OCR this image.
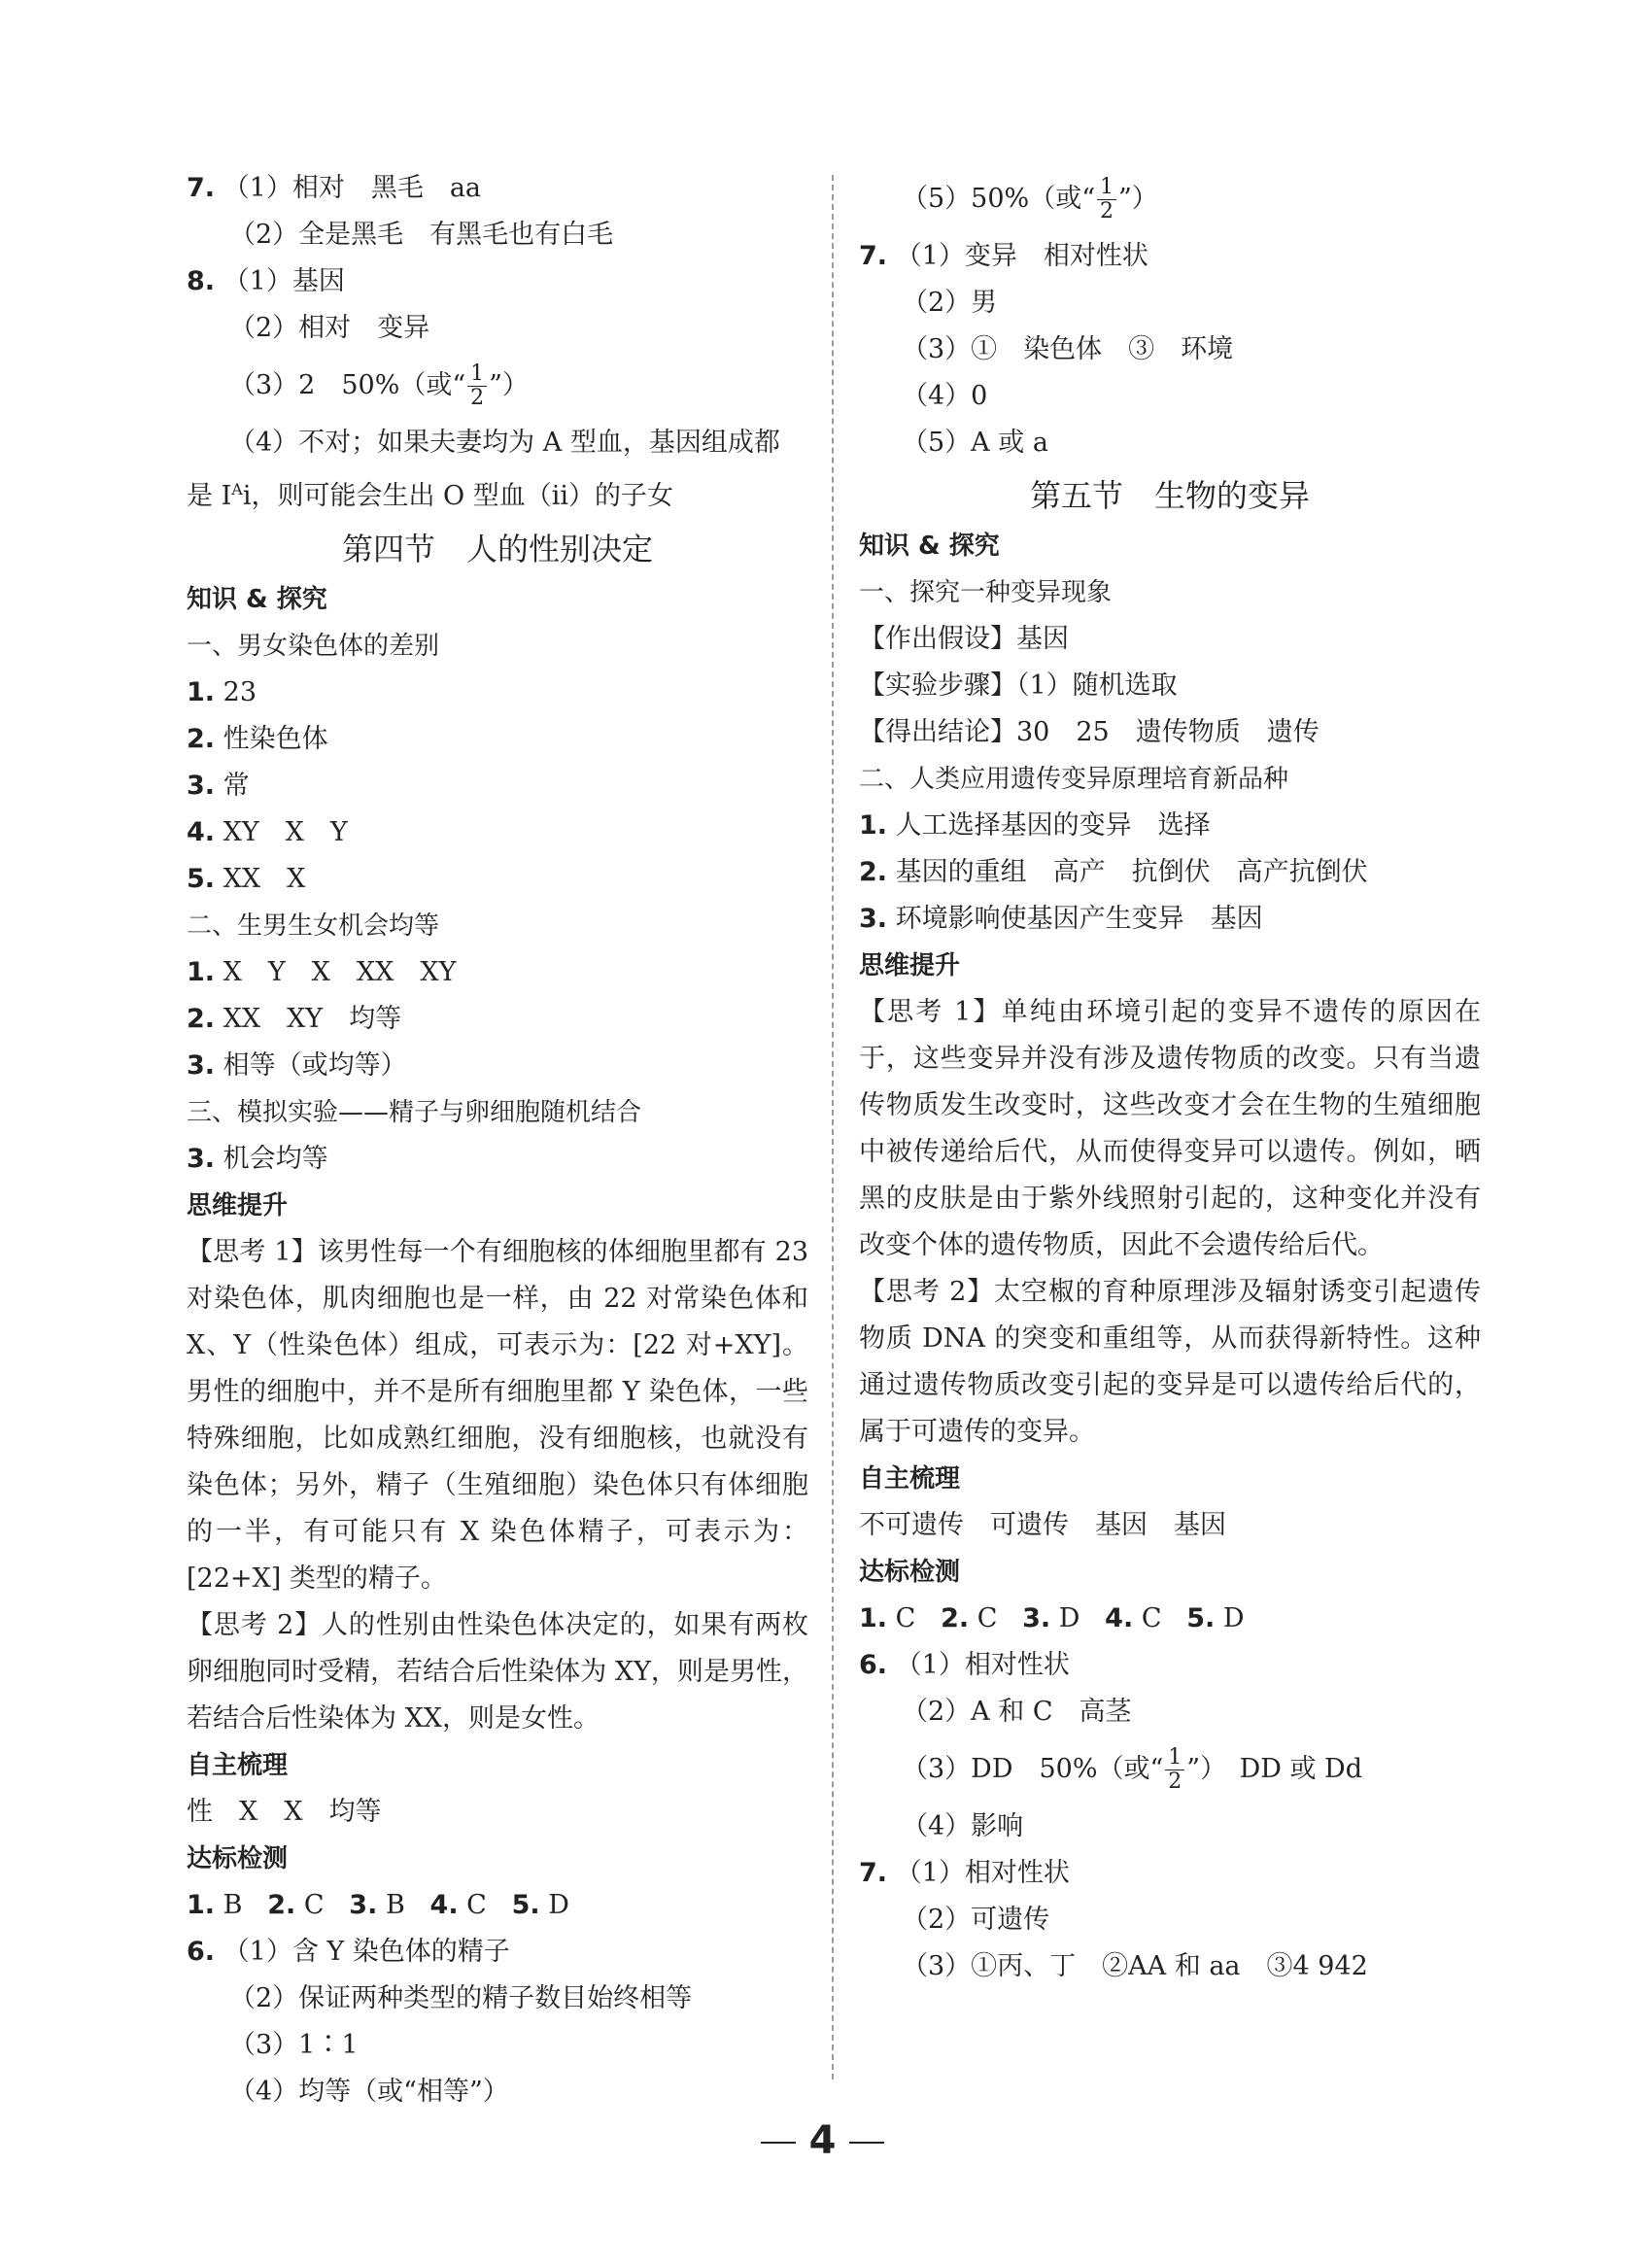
7. （1）相对　黑毛　aa
（2）全是黑毛　有黑毛也有白毛
8. （1）基因
（2）相对　变异
（3）2　50%（或“ $\frac{1}{2}$ ”）
（4）不对；如果夫妻均为 A 型血，基因组成都
是 $I^Ai$，则可能会生出 O 型血（ii）的子女
第四节　人的性别决定
知识 & 探究
一、男女染色体的差别
1. 23
2. 性染色体
3. 常
4. XY　X　Y
5. XX　X
二、生男生女机会均等
1. X　Y　X　XX　XY
2. XX　XY　均等
3. 相等（或均等）
三、模拟实验——精子与卵细胞随机结合
3. 机会均等
思维提升
【思考 1】该男性每一个有细胞核的体细胞里都有 23 对染色体，肌肉细胞也是一样，由 22 对常染色体和 X、Y（性染色体）组成，可表示为：[22 对+XY]。男性的细胞中，并不是所有细胞里都 Y 染色体，一些特殊细胞，比如成熟红细胞，没有细胞核，也就没有染色体；另外，精子（生殖细胞）染色体只有体细胞的一半，有可能只有 X 染色体精子，可表示为：[22+X] 类型的精子。
【思考 2】人的性别由性染色体决定的，如果有两枚卵细胞同时受精，若结合后性染体为 XY，则是男性，若结合后性染体为 XX，则是女性。
自主梳理
性　X　X　均等
达标检测
1. B 2. C 3. B 4. C 5. D
6. （1）含 Y 染色体的精子
（2）保证两种类型的精子数目始终相等
（3）1∶1
（4）均等（或“相等”）
（5）50%（或“ $\frac{1}{2}$ ”）
7. （1）变异　相对性状
（2）男
（3）①　染色体　③　环境
（4）0
（5）A 或 a
第五节　生物的变异
知识 & 探究
一、探究一种变异现象
【作出假设】基因
【实验步骤】（1）随机选取
【得出结论】30　25　遗传物质　遗传
二、人类应用遗传变异原理培育新品种
1. 人工选择基因的变异　选择
2. 基因的重组　高产　抗倒伏　高产抗倒伏
3. 环境影响使基因产生变异　基因
思维提升
【思考 1】单纯由环境引起的变异不遗传的原因在于，这些变异并没有涉及遗传物质的改变。只有当遗传物质发生改变时，这些改变才会在生物的生殖细胞中被传递给后代，从而使得变异可以遗传。例如，晒黑的皮肤是由于紫外线照射引起的，这种变化并没有改变个体的遗传物质，因此不会遗传给后代。
【思考 2】太空椒的育种原理涉及辐射诱变引起遗传物质 DNA 的突变和重组等，从而获得新特性。这种通过遗传物质改变引起的变异是可以遗传给后代的，属于可遗传的变异。
自主梳理
不可遗传　可遗传　基因　基因
达标检测
1. C 2. C 3. D 4. C 5. D
6. （1）相对性状
（2）A 和 C　高茎
（3）DD　50%（或“ $\frac{1}{2}$ ”）　DD 或 Dd
（4）影响
7. （1）相对性状
（2）可遗传
（3）①丙、丁　②AA 和 aa　③4 942
4
